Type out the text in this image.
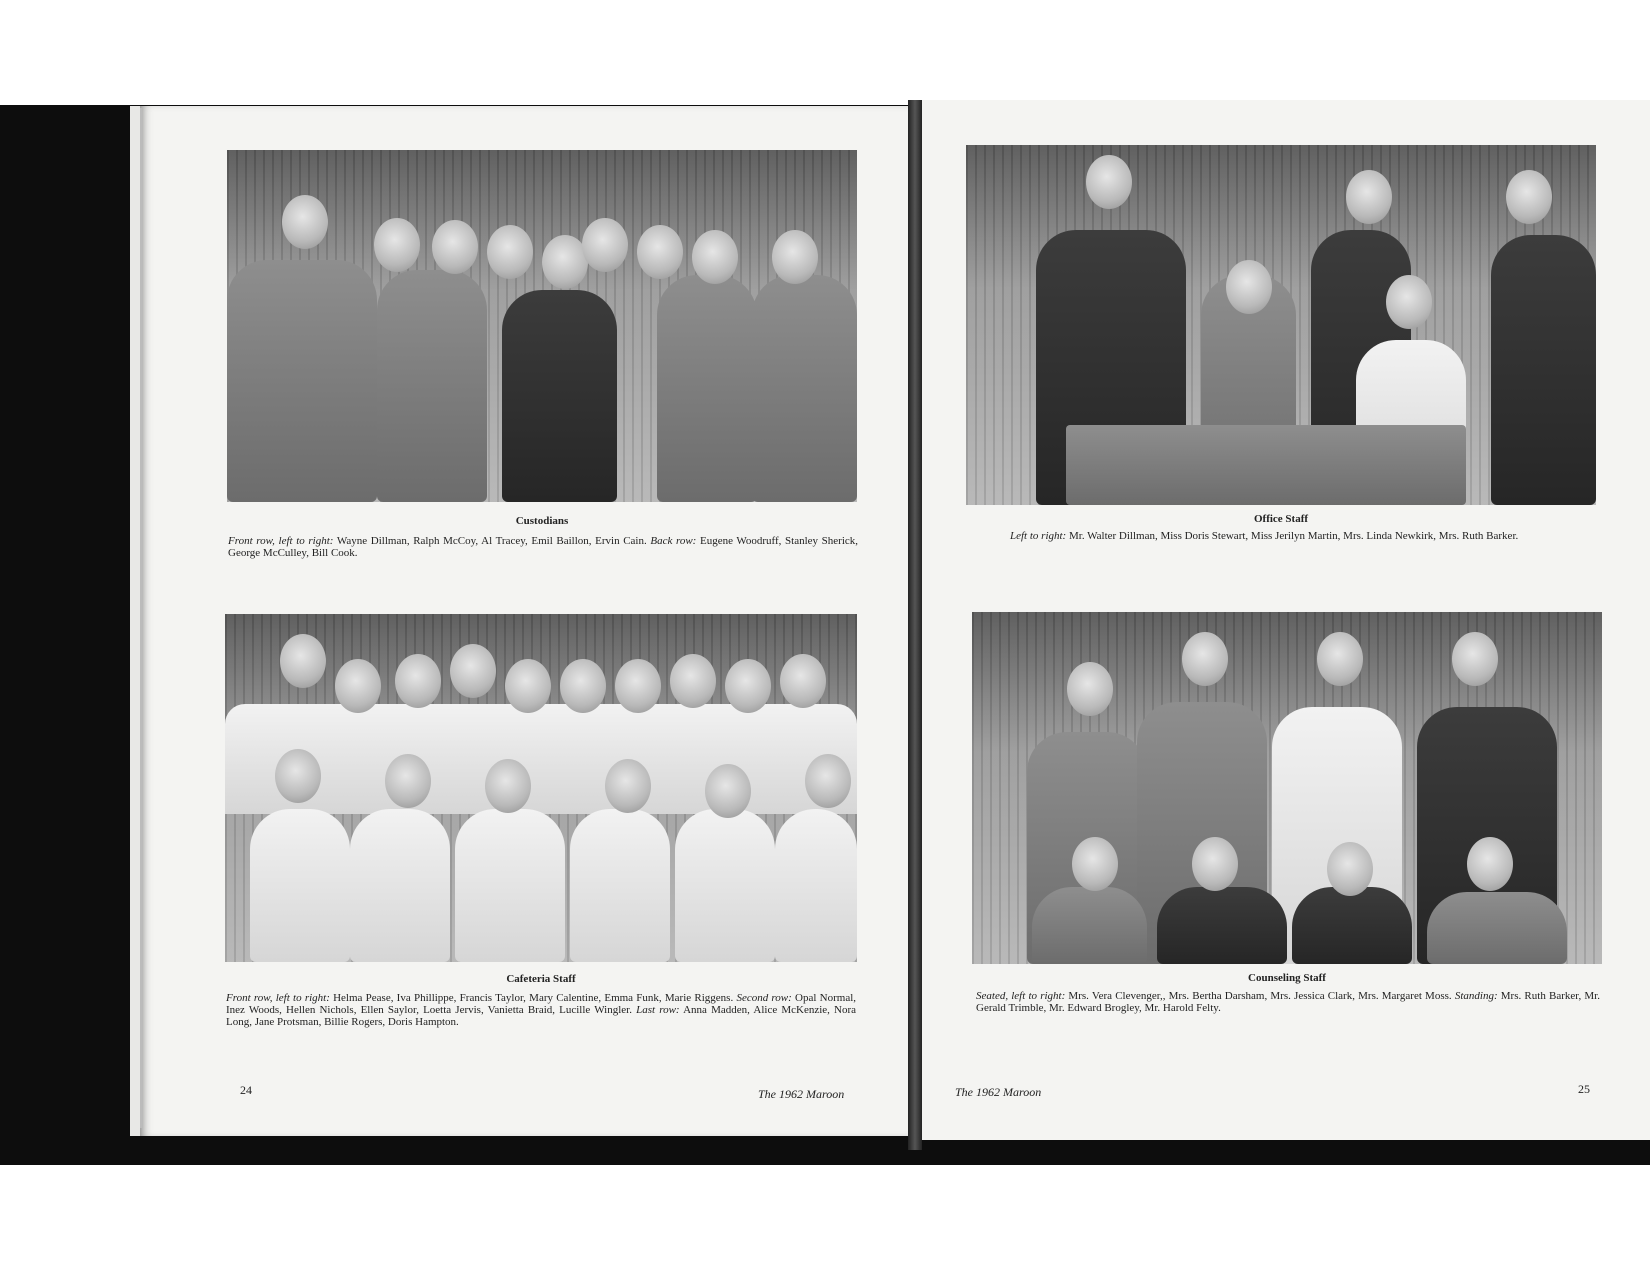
Custodians
Front row, left to right: Wayne Dillman, Ralph McCoy, Al Tracey, Emil Baillon, Ervin Cain. Back row: Eugene Woodruff, Stanley Sherick, George McCulley, Bill Cook.
Cafeteria Staff
Front row, left to right: Helma Pease, Iva Phillippe, Francis Taylor, Mary Calentine, Emma Funk, Marie Riggens. Second row: Opal Normal, Inez Woods, Hellen Nichols, Ellen Saylor, Loetta Jervis, Vanietta Braid, Lucille Wingler. Last row: Anna Madden, Alice McKenzie, Nora Long, Jane Protsman, Billie Rogers, Doris Hampton.
24	The 1962 Maroon
Office Staff
Left to right: Mr. Walter Dillman, Miss Doris Stewart, Miss Jerilyn Martin, Mrs. Linda Newkirk, Mrs. Ruth Barker.
Counseling Staff
Seated, left to right: Mrs. Vera Clevenger,, Mrs. Bertha Darsham, Mrs. Jessica Clark, Mrs. Margaret Moss. Standing: Mrs. Ruth Barker, Mr. Gerald Trimble, Mr. Edward Brogley, Mr. Harold Felty.
The 1962 Maroon	25
